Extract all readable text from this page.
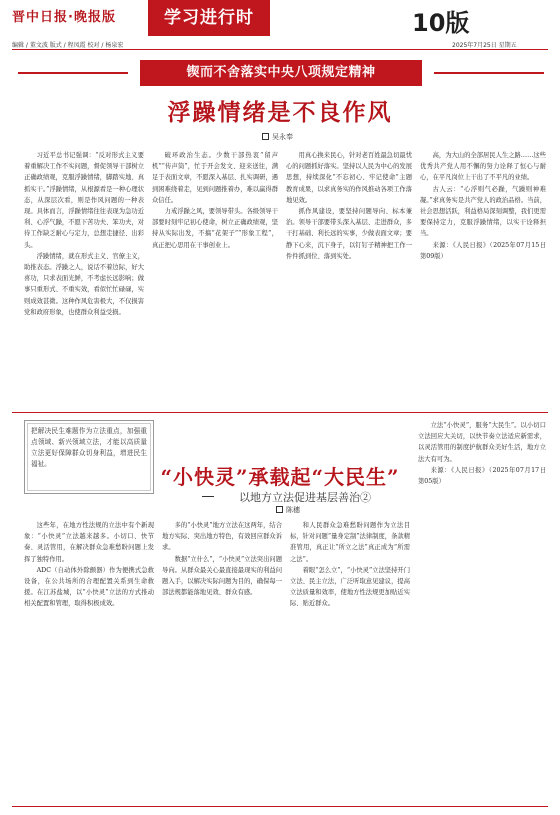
晋中日报·晚报版	学习进行时	10版
编辑 / 董文波 版式 / 程凤霞 校对 / 杨泉宏	2025年7月25日 星期五
锲而不舍落实中央八项规定精神
浮躁情绪是不良作风
吴永奉

习近平总书记强调：“反对形式主义要着重解决工作不实问题，督促领导干部树立正确政绩观，克服浮躁情绪，脚踏实地、真抓实干。”浮躁情绪，从根源看是一种心理状态，从深层次看，则是作风问题的一种表现。具体而言，浮躁情绪往往表现为急功近利、心浮气躁，不愿下苦功夫、笨功夫，对待工作缺乏耐心与定力，总想走捷径、出彩头。

浮躁情绪，就在形式主义、官僚主义，助推表态。浮躁之人，说话不着边际，好大喜功，只求表面光鲜，不考虑长远影响；做事只重形式、不重实效，看似忙忙碌碌，实则成效甚微。这种作风危害极大，不仅损害党和政府形象，也使群众利益受损。

破环政治生态。少数干部热衷“留声机”“传声筒”，忙于开会发文、迎来送往，满足于表面文章，不愿深入基层、扎实调研，遇到困难绕着走，见到问题推着办，难以赢得群众信任。

力戒浮躁之风，要领导带头。各级领导干部要时刻牢记初心使命，树立正确政绩观，坚持从实际出发，不搞“花架子”“形象工程”，真正把心思用在干事创业上。

用真心换来民心，针对老百姓最急切最忧心的问题抓好落实。坚持以人民为中心的发展思想，持续深化“不忘初心、牢记使命”主题教育成果，以求真务实的作风推动各项工作落地见效。

抓作风建设，要坚持问题导向、标本兼治。领导干部要带头深入基层、走进群众，多干打基础、利长远的实事，少做表面文章；要静下心来，沉下身子，以钉钉子精神把工作一件件抓到位、落到实处。

高，为大山的全部居民人生之路……这些优秀共产党人用不懈的努力诠释了恒心与耐心，在平凡岗位上干出了不平凡的业绩。

古人云：“心浮则气必躁，气躁则神难凝。”求真务实是共产党人的政治品格。当前，社会思想活跃，利益格局深刻调整，我们更需要保持定力，克服浮躁情绪，以实干诠释担当。

来源：《人民日报》（2025年07月15日 第09版）

把解决民生难题作为立法重点，加强重点领域、新兴领域立法，才能以高质量立法更好保障群众切身利益，增进民生福祉。
“小快灵”承载起“大民生”
以地方立法促进基层善治②
陈穗

这些年，在地方性法规的立法中有个新现象：“小快灵”立法越来越多。小切口、快节奏、灵活管用，在解决群众急难愁盼问题上发挥了独特作用。

ADC（自动体外除颤器）作为便携式急救设备，在公共场所的合理配置关系到生命救援。在江苏盐城，以“小快灵”立法的方式推动相关配置和管理，取得积极成效。

多的“小快灵”地方立法在这两年，结合地方实际、突出地方特色，有效回应群众诉求。

数据“立什么”，“小快灵”立法突出问题导向。从群众最关心最直接最现实的利益问题入手，以解决实际问题为目的，确保每一部法规都能落地见效、群众有感。

和人民群众急难愁盼问题作为立法目标，针对问题“量身定制”法律制度，条款精准管用，真正让“所立之法”真正成为“所需之法”。

着眼“怎么立”，“小快灵”立法坚持开门立法、民主立法，广泛听取意见建议，提高立法质量和效率，使地方性法规更加贴近实际、贴近群众。

立法“小快灵”，服务“大民生”。以小切口立法回应大关切，以快节奏立法适应新需求，以灵活管用的制度护航群众美好生活，地方立法大有可为。

来源：《人民日报》（2025年07月17日 第05版）
